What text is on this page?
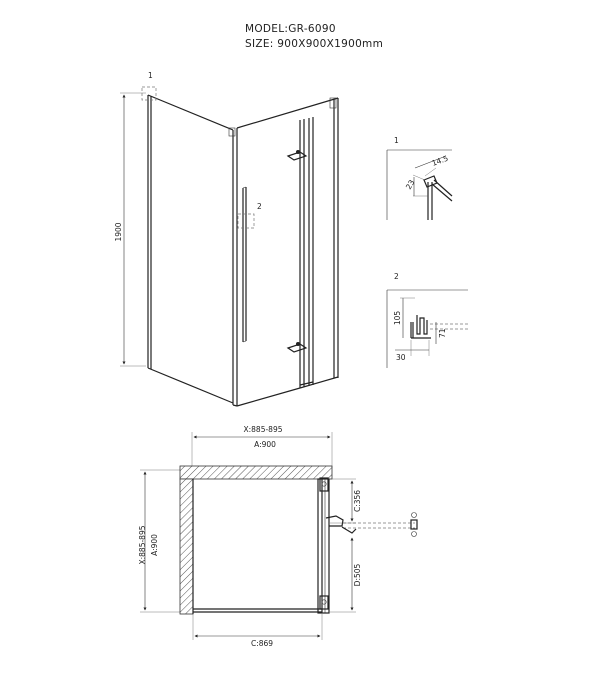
MODEL:GR-6090
SIZE: 900X900X1900mm
1900
1
2
1
14.5
23
2
105
71
30
X:885-895
A:900
X:885-895 A:900
C:869
C:356
D:505
